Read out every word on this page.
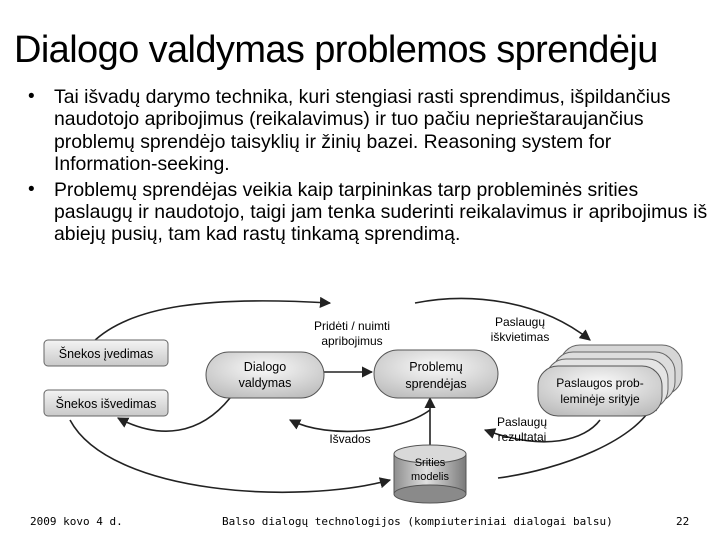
Dialogo valdymas problemos sprendėju
• Tai išvadų darymo technika, kuri stengiasi rasti sprendimus, išpildančius naudotojo apribojimus (reikalavimus) ir tuo pačiu neprieštaraujančius problemų sprendėjo taisyklių ir žinių bazei. Reasoning system for Information-seeking.
• Problemų sprendėjas veikia kaip tarpininkas tarp probleminės srities paslaugų ir naudotojo, taigi jam tenka suderinti reikalavimus ir apribojimus iš abiejų pusių, tam kad rastų tinkamą sprendimą.
Šnekos įvedimas
Šnekos išvedimas
Dialogo
valdymas
Problemų
sprendėjas	Paslaugos prob-
leminėje srityje
Srities
modelis
Pridėti / nuimti
apribojimus
Paslaugų
iškvietimas
Paslaugų
rezultatai
Išvados
2009 kovo 4 d.	Balso dialogų technologijos (kompiuteriniai dialogai balsu)	22
